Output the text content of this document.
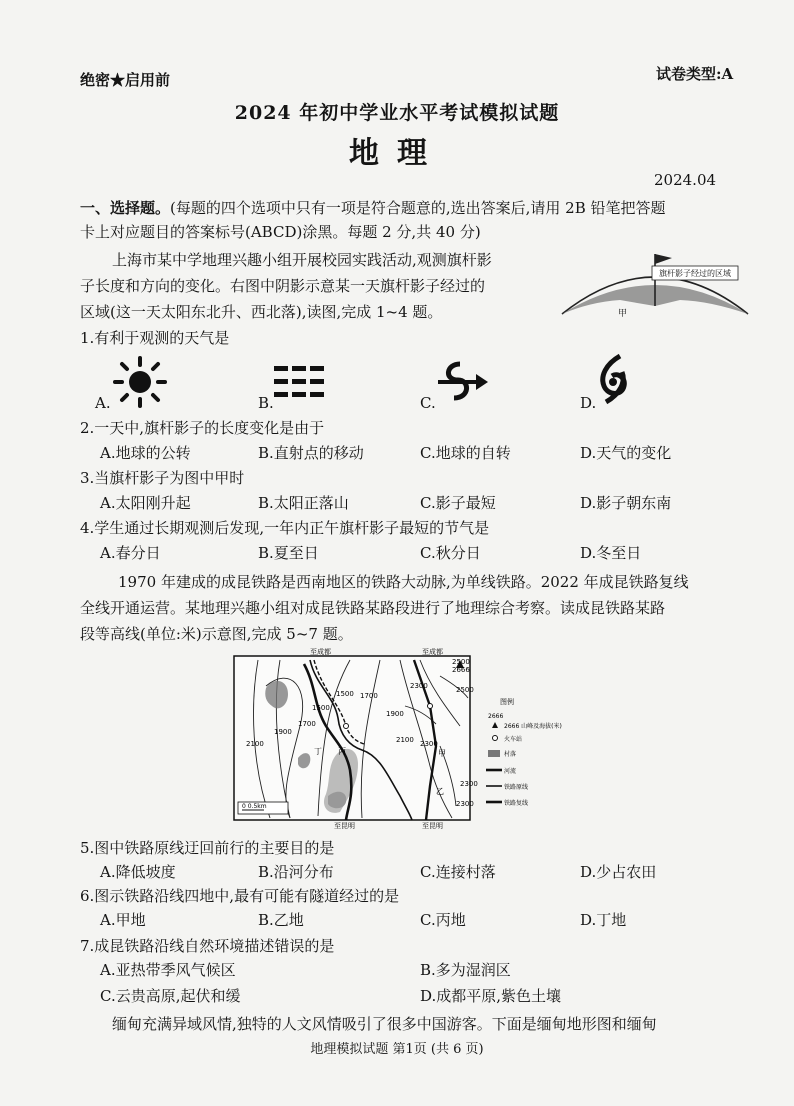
绝密★启用前	试卷类型:A
2024 年初中学业水平考试模拟试题
地理
2024.04
一、选择题。(每题的四个选项中只有一项是符合题意的,选出答案后,请用 2B 铅笔把答题
卡上对应题目的答案标号(ABCD)涂黑。每题 2 分,共 40 分)
上海市某中学地理兴趣小组开展校园实践活动,观测旗杆影
子长度和方向的变化。右图中阴影示意某一天旗杆影子经过的
区域(这一天太阳东北升、西北落),读图,完成 1~4 题。
旗杆影子经过的区域
甲
1.有利于观测的天气是
A.	B.	C.	D.
2.一天中,旗杆影子的长度变化是由于
A.地球的公转	B.直射点的移动	C.地球的自转	D.天气的变化
3.当旗杆影子为图中甲时
A.太阳刚升起	B.太阳正落山	C.影子最短	D.影子朝东南
4.学生通过长期观测后发现,一年内正午旗杆影子最短的节气是
A.春分日	B.夏至日	C.秋分日	D.冬至日
1970 年建成的成昆铁路是西南地区的铁路大动脉,为单线铁路。2022 年成昆铁路复线
全线开通运营。某地理兴趣小组对成昆铁路某路段进行了地理综合考察。读成昆铁路某路
段等高线(单位:米)示意图,完成 5~7 题。
2500
2300
2100
1900
1700
1500
1500
1700
1900
2100 2300
2300
2300
2500
2666
甲
乙
丙
丁
至成都	至成都
至昆明	至昆明
0 0.5km
图例
2666
2666 山峰及海拔(米)
火车站
村落
河流
铁路原线
铁路复线
5.图中铁路原线迂回前行的主要目的是
A.降低坡度	B.沿河分布	C.连接村落	D.少占农田
6.图示铁路沿线四地中,最有可能有隧道经过的是
A.甲地	B.乙地	C.丙地	D.丁地
7.成昆铁路沿线自然环境描述错误的是
A.亚热带季风气候区	B.多为湿润区
C.云贵高原,起伏和缓	D.成都平原,紫色土壤
缅甸充满异域风情,独特的人文风情吸引了很多中国游客。下面是缅甸地形图和缅甸
地理模拟试题 第1页 (共 6 页)
